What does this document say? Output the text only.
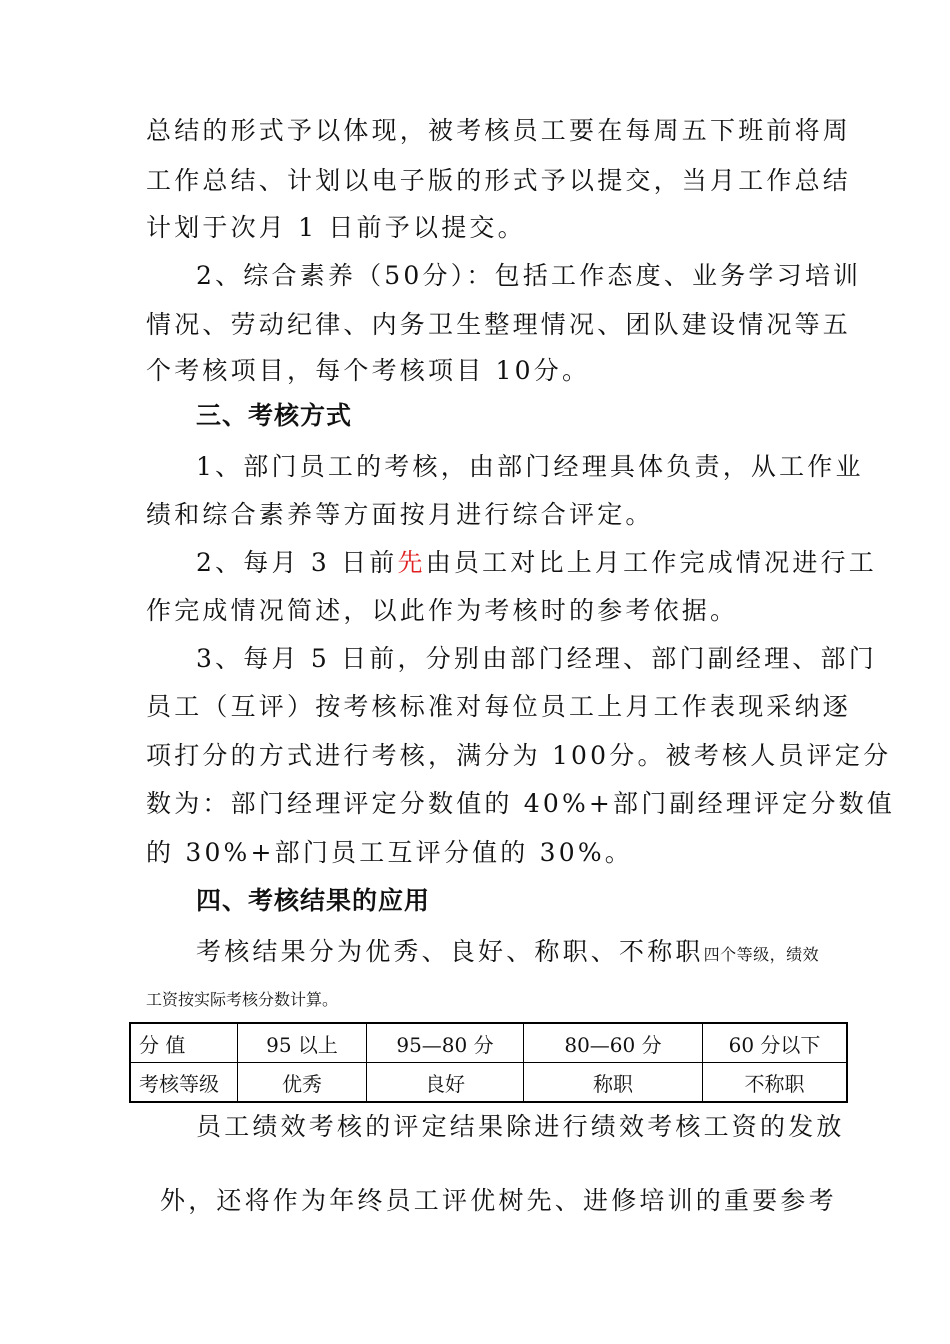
总结的形式予以体现，被考核员工要在每周五下班前将周
工作总结、计划以电子版的形式予以提交，当月工作总结
计划于次月 1 日前予以提交。
2、综合素养（50分）：包括工作态度、业务学习培训
情况、劳动纪律、内务卫生整理情况、团队建设情况等五
个考核项目，每个考核项目 10分。
三、考核方式
1、部门员工的考核，由部门经理具体负责，从工作业
绩和综合素养等方面按月进行综合评定。
2、每月 3 日前先由员工对比上月工作完成情况进行工
作完成情况简述，以此作为考核时的参考依据。
3、每月 5 日前，分别由部门经理、部门副经理、部门
员工（互评）按考核标准对每位员工上月工作表现采纳逐
项打分的方式进行考核，满分为 100分。被考核人员评定分
数为：部门经理评定分数值的 40%+部门副经理评定分数值
的 30%+部门员工互评分值的 30%。
四、考核结果的应用
考核结果分为优秀、良好、称职、不称职四个等级，绩效
工资按实际考核分数计算。
分 值	95 以上	95—80 分	80—60 分	60 分以下
考核等级	优秀	良好	称职	不称职
员工绩效考核的评定结果除进行绩效考核工资的发放
外，还将作为年终员工评优树先、进修培训的重要参考
